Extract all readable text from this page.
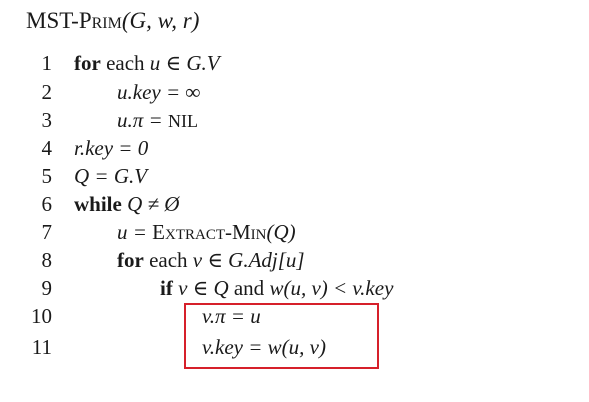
MST-Prim(G, w, r)
1 for each u ∈ G.V
2	u.key = ∞
3	u.π = NIL
4 r.key = 0
5 Q = G.V
6 while Q ≠ Ø
7	u = Extract-Min(Q)
8	for each v ∈ G.Adj[u]
9	if v ∈ Q and w(u, v) < v.key
10	v.π = u
11	v.key = w(u, v)
